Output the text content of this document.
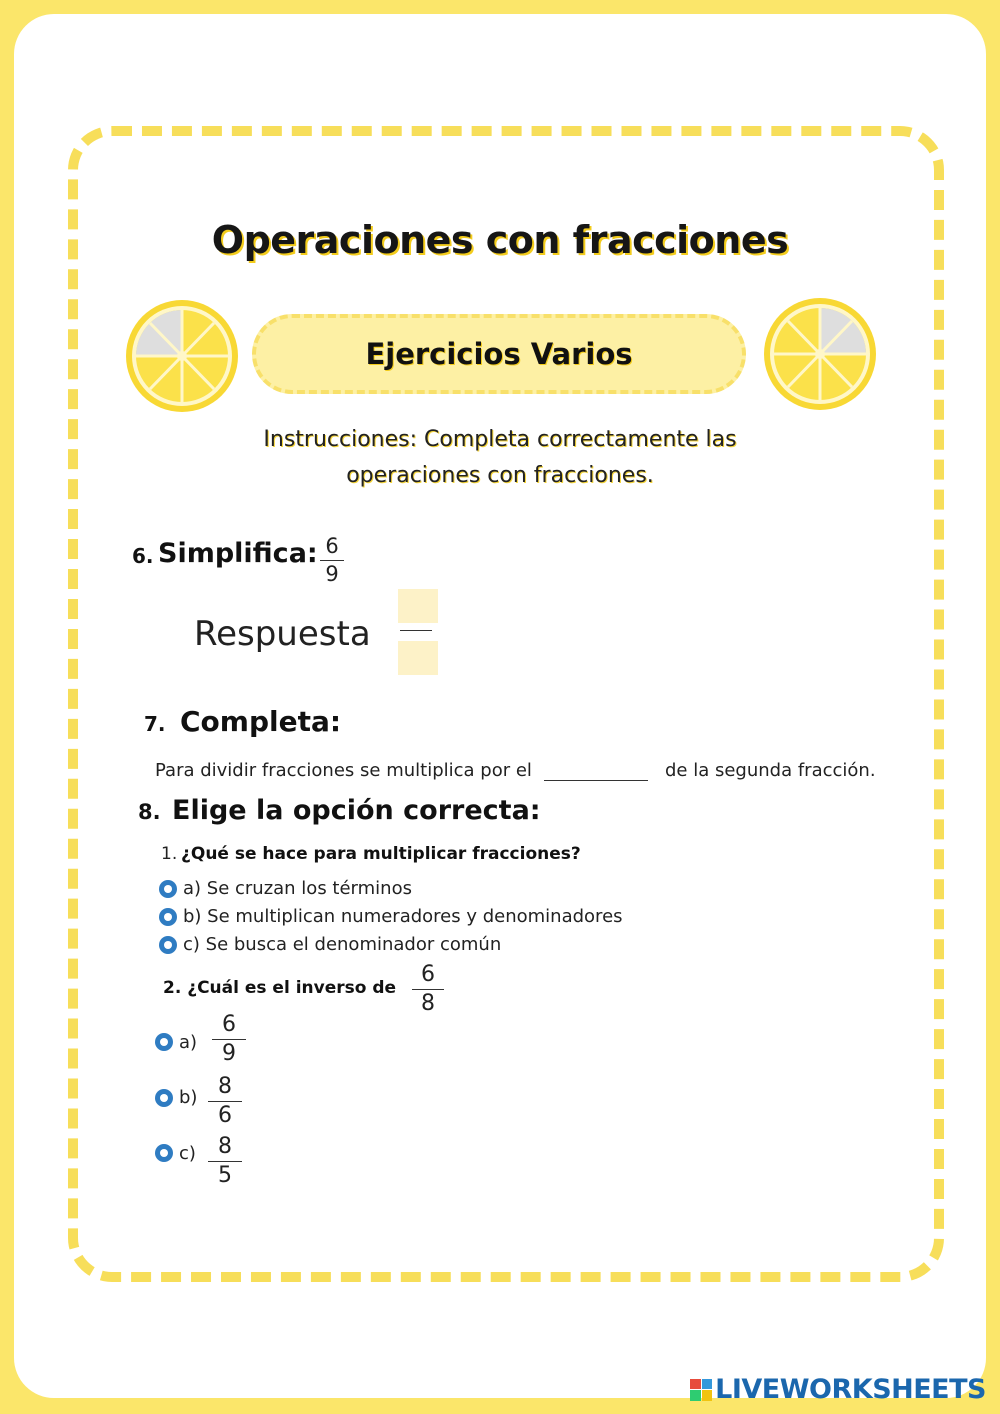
Operaciones con fracciones
Ejercicios Varios
Instrucciones: Completa correctamente las
operaciones con fracciones.
6. Simplifica: 6
9
Respuesta
7. Completa:
Para dividir fracciones se multiplica por el	de la segunda fracción.
8. Elige la opción correcta:
1. ¿Qué se hace para multiplicar fracciones?
a) Se cruzan los términos
b) Se multiplican numeradores y denominadores
c) Se busca el denominador común
2. ¿Cuál es el inverso de
6
8
a)
6
9
b) 8
6
c)	8
5
LIVEWORKSHEETS
